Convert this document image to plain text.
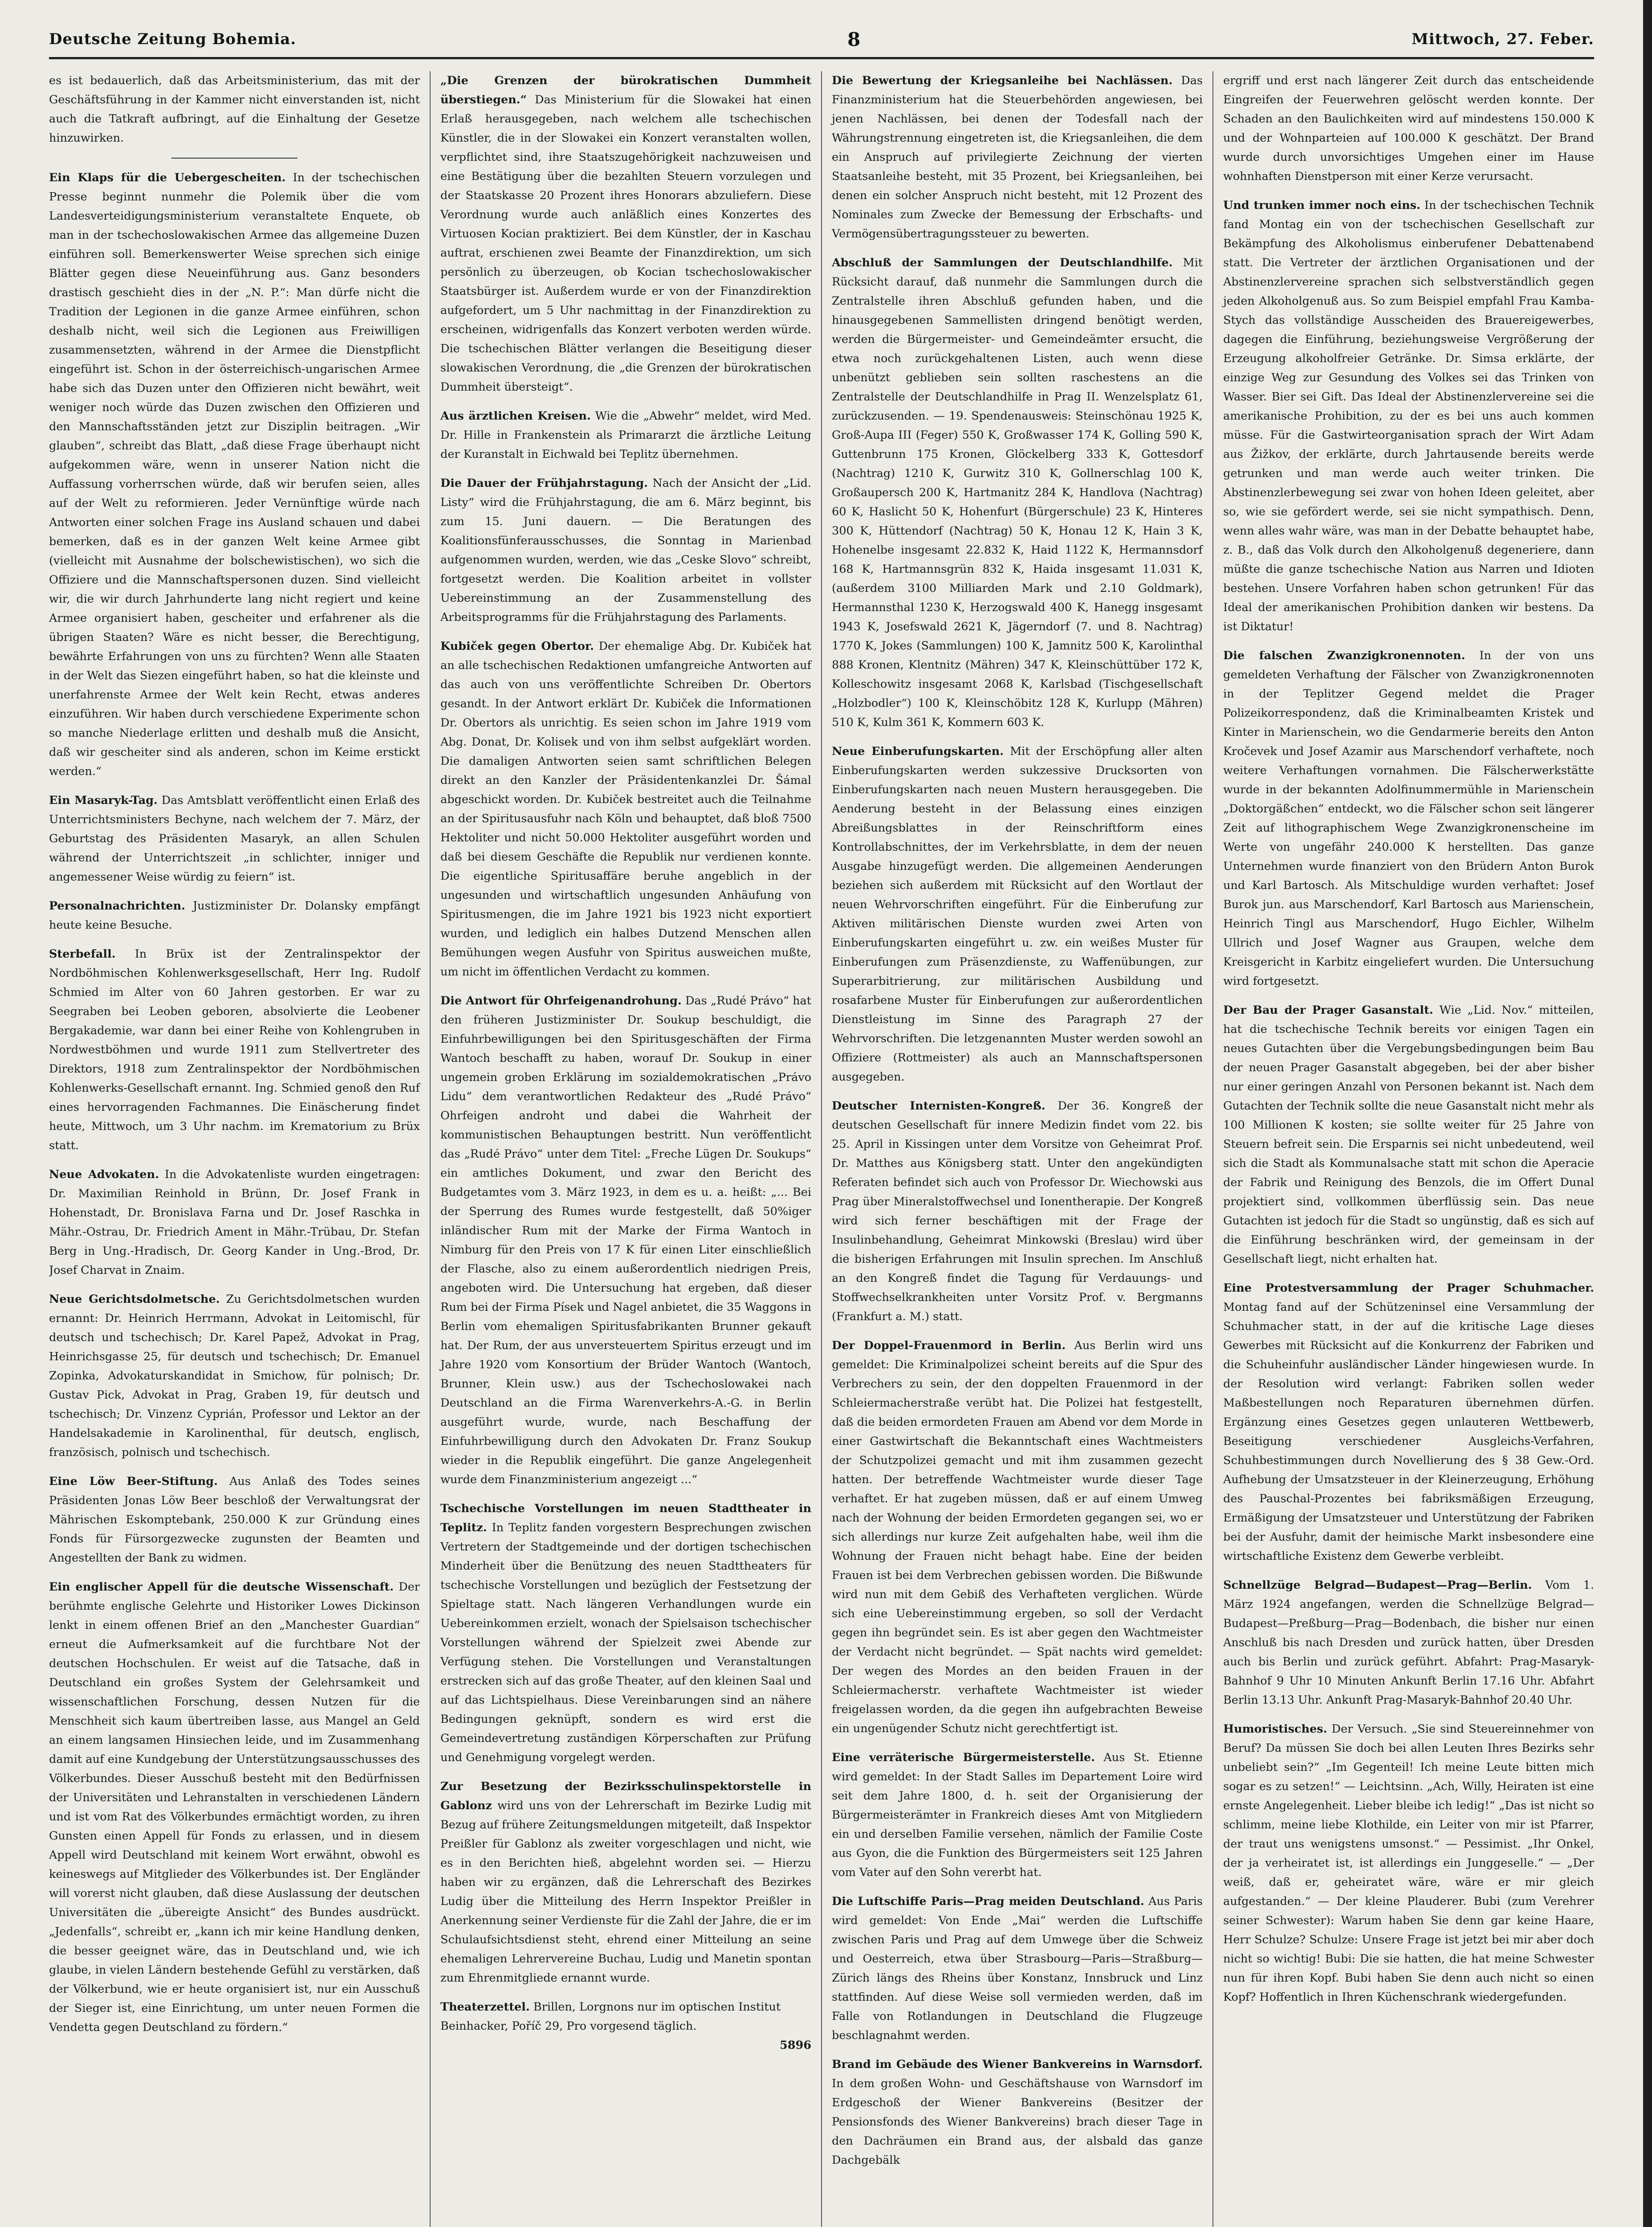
Deutsche Zeitung Bohemia.	8	Mittwoch, 27. Feber.

es ist bedauerlich, daß das Arbeitsministerium, das mit der Geschäftsführung in der Kammer nicht einverstanden ist, nicht auch die Tatkraft aufbringt, auf die Einhaltung der Gesetze hinzuwirken.

Ein Klaps für die Uebergescheiten. In der tschechischen Presse beginnt nunmehr die Polemik über die vom Landesverteidigungsministerium veranstaltete Enquete, ob man in der tschechoslowakischen Armee das allgemeine Duzen einführen soll. Bemerkenswerter Weise sprechen sich einige Blätter gegen diese Neueinführung aus. Ganz besonders drastisch geschieht dies in der „N. P.“: Man dürfe nicht die Tradition der Legionen in die ganze Armee einführen, schon deshalb nicht, weil sich die Legionen aus Freiwilligen zusammensetzten, während in der Armee die Dienstpflicht eingeführt ist. Schon in der österreichisch-ungarischen Armee habe sich das Duzen unter den Offizieren nicht bewährt, weit weniger noch würde das Duzen zwischen den Offizieren und den Mannschaftsständen jetzt zur Disziplin beitragen. „Wir glauben“, schreibt das Blatt, „daß diese Frage überhaupt nicht aufgekommen wäre, wenn in unserer Nation nicht die Auffassung vorherrschen würde, daß wir berufen seien, alles auf der Welt zu reformieren. Jeder Vernünftige würde nach Antworten einer solchen Frage ins Ausland schauen und dabei bemerken, daß es in der ganzen Welt keine Armee gibt (vielleicht mit Ausnahme der bolschewistischen), wo sich die Offiziere und die Mannschaftspersonen duzen. Sind vielleicht wir, die wir durch Jahrhunderte lang nicht regiert und keine Armee organisiert haben, gescheiter und erfahrener als die übrigen Staaten? Wäre es nicht besser, die Berechtigung, bewährte Erfahrungen von uns zu fürchten? Wenn alle Staaten in der Welt das Siezen eingeführt haben, so hat die kleinste und unerfahrenste Armee der Welt kein Recht, etwas anderes einzuführen. Wir haben durch verschiedene Experimente schon so manche Niederlage erlitten und deshalb muß die Ansicht, daß wir gescheiter sind als anderen, schon im Keime erstickt werden.“

Ein Masaryk-Tag. Das Amtsblatt veröffentlicht einen Erlaß des Unterrichtsministers Bechyne, nach welchem der 7. März, der Geburtstag des Präsidenten Masaryk, an allen Schulen während der Unterrichtszeit „in schlichter, inniger und angemessener Weise würdig zu feiern“ ist.

Personalnachrichten. Justizminister Dr. Dolansky empfängt heute keine Besuche.

Sterbefall. In Brüx ist der Zentralinspektor der Nordböhmischen Kohlenwerksgesellschaft, Herr Ing. Rudolf Schmied im Alter von 60 Jahren gestorben. Er war zu Seegraben bei Leoben geboren, absolvierte die Leobener Bergakademie, war dann bei einer Reihe von Kohlengruben in Nordwestböhmen und wurde 1911 zum Stellvertreter des Direktors, 1918 zum Zentralinspektor der Nordböhmischen Kohlenwerks-Gesellschaft ernannt. Ing. Schmied genoß den Ruf eines hervorragenden Fachmannes. Die Einäscherung findet heute, Mittwoch, um 3 Uhr nachm. im Krematorium zu Brüx statt.

Neue Advokaten. In die Advokatenliste wurden eingetragen: Dr. Maximilian Reinhold in Brünn, Dr. Josef Frank in Hohenstadt, Dr. Bronislava Farna und Dr. Josef Raschka in Mähr.-Ostrau, Dr. Friedrich Ament in Mähr.-Trübau, Dr. Stefan Berg in Ung.-Hradisch, Dr. Georg Kander in Ung.-Brod, Dr. Josef Charvat in Znaim.

Neue Gerichtsdolmetsche. Zu Gerichtsdolmetschen wurden ernannt: Dr. Heinrich Herrmann, Advokat in Leitomischl, für deutsch und tschechisch; Dr. Karel Papež, Advokat in Prag, Heinrichsgasse 25, für deutsch und tschechisch; Dr. Emanuel Zopinka, Advokaturskandidat in Smichow, für polnisch; Dr. Gustav Pick, Advokat in Prag, Graben 19, für deutsch und tschechisch; Dr. Vinzenz Cyprián, Professor und Lektor an der Handelsakademie in Karolinenthal, für deutsch, englisch, französisch, polnisch und tschechisch.

Eine Löw Beer-Stiftung. Aus Anlaß des Todes seines Präsidenten Jonas Löw Beer beschloß der Verwaltungsrat der Mährischen Eskomptebank, 250.000 K zur Gründung eines Fonds für Fürsorgezwecke zugunsten der Beamten und Angestellten der Bank zu widmen.

Ein englischer Appell für die deutsche Wissenschaft. Der berühmte englische Gelehrte und Historiker Lowes Dickinson lenkt in einem offenen Brief an den „Manchester Guardian“ erneut die Aufmerksamkeit auf die furchtbare Not der deutschen Hochschulen. Er weist auf die Tatsache, daß in Deutschland ein großes System der Gelehrsamkeit und wissenschaftlichen Forschung, dessen Nutzen für die Menschheit sich kaum übertreiben lasse, aus Mangel an Geld an einem langsamen Hinsiechen leide, und im Zusammenhang damit auf eine Kundgebung der Unterstützungsausschusses des Völkerbundes. Dieser Ausschuß besteht mit den Bedürfnissen der Universitäten und Lehranstalten in verschiedenen Ländern und ist vom Rat des Völkerbundes ermächtigt worden, zu ihren Gunsten einen Appell für Fonds zu erlassen, und in diesem Appell wird Deutschland mit keinem Wort erwähnt, obwohl es keineswegs auf Mitglieder des Völkerbundes ist. Der Engländer will vorerst nicht glauben, daß diese Auslassung der deutschen Universitäten die „übereigte Ansicht“ des Bundes ausdrückt. „Jedenfalls“, schreibt er, „kann ich mir keine Handlung denken, die besser geeignet wäre, das in Deutschland und, wie ich glaube, in vielen Ländern bestehende Gefühl zu verstärken, daß der Völkerbund, wie er heute organisiert ist, nur ein Ausschuß der Sieger ist, eine Einrichtung, um unter neuen Formen die Vendetta gegen Deutschland zu fördern.“

„Die Grenzen der bürokratischen Dummheit überstiegen.“ Das Ministerium für die Slowakei hat einen Erlaß herausgegeben, nach welchem alle tschechischen Künstler, die in der Slowakei ein Konzert veranstalten wollen, verpflichtet sind, ihre Staatszugehörigkeit nachzuweisen und eine Bestätigung über die bezahlten Steuern vorzulegen und der Staatskasse 20 Prozent ihres Honorars abzuliefern. Diese Verordnung wurde auch anläßlich eines Konzertes des Virtuosen Kocian praktiziert. Bei dem Künstler, der in Kaschau auftrat, erschienen zwei Beamte der Finanzdirektion, um sich persönlich zu überzeugen, ob Kocian tschechoslowakischer Staatsbürger ist. Außerdem wurde er von der Finanzdirektion aufgefordert, um 5 Uhr nachmittag in der Finanzdirektion zu erscheinen, widrigenfalls das Konzert verboten werden würde. Die tschechischen Blätter verlangen die Beseitigung dieser slowakischen Verordnung, die „die Grenzen der bürokratischen Dummheit übersteigt“.

Aus ärztlichen Kreisen. Wie die „Abwehr“ meldet, wird Med. Dr. Hille in Frankenstein als Primararzt die ärztliche Leitung der Kuranstalt in Eichwald bei Teplitz übernehmen.

Die Dauer der Frühjahrstagung. Nach der Ansicht der „Lid. Listy“ wird die Frühjahrstagung, die am 6. März beginnt, bis zum 15. Juni dauern. — Die Beratungen des Koalitionsfünferausschusses, die Sonntag in Marienbad aufgenommen wurden, werden, wie das „Ceske Slovo“ schreibt, fortgesetzt werden. Die Koalition arbeitet in vollster Uebereinstimmung an der Zusammenstellung des Arbeitsprogramms für die Frühjahrstagung des Parlaments.

Kubiček gegen Obertor. Der ehemalige Abg. Dr. Kubiček hat an alle tschechischen Redaktionen umfangreiche Antworten auf das auch von uns veröffentlichte Schreiben Dr. Obertors gesandt. In der Antwort erklärt Dr. Kubiček die Informationen Dr. Obertors als unrichtig. Es seien schon im Jahre 1919 vom Abg. Donat, Dr. Kolisek und von ihm selbst aufgeklärt worden. Die damaligen Antworten seien samt schriftlichen Belegen direkt an den Kanzler der Präsidentenkanzlei Dr. Šámal abgeschickt worden. Dr. Kubiček bestreitet auch die Teilnahme an der Spiritusausfuhr nach Köln und behauptet, daß bloß 7500 Hektoliter und nicht 50.000 Hektoliter ausgeführt worden und daß bei diesem Geschäfte die Republik nur verdienen konnte. Die eigentliche Spiritusaffäre beruhe angeblich in der ungesunden und wirtschaftlich ungesunden Anhäufung von Spiritusmengen, die im Jahre 1921 bis 1923 nicht exportiert wurden, und lediglich ein halbes Dutzend Menschen allen Bemühungen wegen Ausfuhr von Spiritus ausweichen mußte, um nicht im öffentlichen Verdacht zu kommen.

Die Antwort für Ohrfeigenandrohung. Das „Rudé Právo“ hat den früheren Justizminister Dr. Soukup beschuldigt, die Einfuhrbewilligungen bei den Spiritusgeschäften der Firma Wantoch beschafft zu haben, worauf Dr. Soukup in einer ungemein groben Erklärung im sozialdemokratischen „Právo Lidu“ dem verantwortlichen Redakteur des „Rudé Právo“ Ohrfeigen androht und dabei die Wahrheit der kommunistischen Behauptungen bestritt. Nun veröffentlicht das „Rudé Právo“ unter dem Titel: „Freche Lügen Dr. Soukups“ ein amtliches Dokument, und zwar den Bericht des Budgetamtes vom 3. März 1923, in dem es u. a. heißt: „... Bei der Sperrung des Rumes wurde festgestellt, daß 50%iger inländischer Rum mit der Marke der Firma Wantoch in Nimburg für den Preis von 17 K für einen Liter einschließlich der Flasche, also zu einem außerordentlich niedrigen Preis, angeboten wird. Die Untersuchung hat ergeben, daß dieser Rum bei der Firma Písek und Nagel anbietet, die 35 Waggons in Berlin vom ehemaligen Spiritusfabrikanten Brunner gekauft hat. Der Rum, der aus unversteuertem Spiritus erzeugt und im Jahre 1920 vom Konsortium der Brüder Wantoch (Wantoch, Brunner, Klein usw.) aus der Tschechoslowakei nach Deutschland an die Firma Warenverkehrs-A.-G. in Berlin ausgeführt wurde, wurde, nach Beschaffung der Einfuhrbewilligung durch den Advokaten Dr. Franz Soukup wieder in die Republik eingeführt. Die ganze Angelegenheit wurde dem Finanzministerium angezeigt ...“

Tschechische Vorstellungen im neuen Stadttheater in Teplitz. In Teplitz fanden vorgestern Besprechungen zwischen Vertretern der Stadtgemeinde und der dortigen tschechischen Minderheit über die Benützung des neuen Stadttheaters für tschechische Vorstellungen und bezüglich der Festsetzung der Spieltage statt. Nach längeren Verhandlungen wurde ein Uebereinkommen erzielt, wonach der Spielsaison tschechischer Vorstellungen während der Spielzeit zwei Abende zur Verfügung stehen. Die Vorstellungen und Veranstaltungen erstrecken sich auf das große Theater, auf den kleinen Saal und auf das Lichtspielhaus. Diese Vereinbarungen sind an nähere Bedingungen geknüpft, sondern es wird erst die Gemeindevertretung zuständigen Körperschaften zur Prüfung und Genehmigung vorgelegt werden.

Zur Besetzung der Bezirksschulinspektorstelle in Gablonz wird uns von der Lehrerschaft im Bezirke Ludig mit Bezug auf frühere Zeitungsmeldungen mitgeteilt, daß Inspektor Preißler für Gablonz als zweiter vorgeschlagen und nicht, wie es in den Berichten hieß, abgelehnt worden sei. — Hierzu haben wir zu ergänzen, daß die Lehrerschaft des Bezirkes Ludig über die Mitteilung des Herrn Inspektor Preißler in Anerkennung seiner Verdienste für die Zahl der Jahre, die er im Schulaufsichtsdienst steht, ehrend einer Mitteilung an seine ehemaligen Lehrervereine Buchau, Ludig und Manetin spontan zum Ehrenmitgliede ernannt wurde.

Theaterzettel. Brillen, Lorgnons nur im optischen Institut Beinhacker, Poříč 29, Pro vorgesend täglich.
5896

Die Bewertung der Kriegsanleihe bei Nachlässen. Das Finanzministerium hat die Steuerbehörden angewiesen, bei jenen Nachlässen, bei denen der Todesfall nach der Währungstrennung eingetreten ist, die Kriegsanleihen, die dem ein Anspruch auf privilegierte Zeichnung der vierten Staatsanleihe besteht, mit 35 Prozent, bei Kriegsanleihen, bei denen ein solcher Anspruch nicht besteht, mit 12 Prozent des Nominales zum Zwecke der Bemessung der Erbschafts- und Vermögensübertragungssteuer zu bewerten.

Abschluß der Sammlungen der Deutschlandhilfe. Mit Rücksicht darauf, daß nunmehr die Sammlungen durch die Zentralstelle ihren Abschluß gefunden haben, und die hinausgegebenen Sammellisten dringend benötigt werden, werden die Bürgermeister- und Gemeindeämter ersucht, die etwa noch zurückgehaltenen Listen, auch wenn diese unbenützt geblieben sein sollten raschestens an die Zentralstelle der Deutschlandhilfe in Prag II. Wenzelsplatz 61, zurückzusenden. — 19. Spendenausweis: Steinschönau 1925 K, Groß-Aupa III (Feger) 550 K, Großwasser 174 K, Golling 590 K, Guttenbrunn 175 Kronen, Glöckelberg 333 K, Gottesdorf (Nachtrag) 1210 K, Gurwitz 310 K, Gollnerschlag 100 K, Großaupersch 200 K, Hartmanitz 284 K, Handlova (Nachtrag) 60 K, Haslicht 50 K, Hohenfurt (Bürgerschule) 23 K, Hinteres 300 K, Hüttendorf (Nachtrag) 50 K, Honau 12 K, Hain 3 K, Hohenelbe insgesamt 22.832 K, Haid 1122 K, Hermannsdorf 168 K, Hartmannsgrün 832 K, Haida insgesamt 11.031 K, (außerdem 3100 Milliarden Mark und 2.10 Goldmark), Hermannsthal 1230 K, Herzogswald 400 K, Hanegg insgesamt 1943 K, Josefswald 2621 K, Jägerndorf (7. und 8. Nachtrag) 1770 K, Jokes (Sammlungen) 100 K, Jamnitz 500 K, Karolinthal 888 Kronen, Klentnitz (Mähren) 347 K, Kleinschüttüber 172 K, Kolleschowitz insgesamt 2068 K, Karlsbad (Tischgesellschaft „Holzbodler“) 100 K, Kleinschöbitz 128 K, Kurlupp (Mähren) 510 K, Kulm 361 K, Kommern 603 K.

Neue Einberufungskarten. Mit der Erschöpfung aller alten Einberufungskarten werden sukzessive Drucksorten von Einberufungskarten nach neuen Mustern herausgegeben. Die Aenderung besteht in der Belassung eines einzigen Abreißungsblattes in der Reinschriftform eines Kontrollabschnittes, der im Verkehrsblatte, in dem der neuen Ausgabe hinzugefügt werden. Die allgemeinen Aenderungen beziehen sich außerdem mit Rücksicht auf den Wortlaut der neuen Wehrvorschriften eingeführt. Für die Einberufung zur Aktiven militärischen Dienste wurden zwei Arten von Einberufungskarten eingeführt u. zw. ein weißes Muster für Einberufungen zum Präsenzdienste, zu Waffenübungen, zur Superarbitrierung, zur militärischen Ausbildung und rosafarbene Muster für Einberufungen zur außerordentlichen Dienstleistung im Sinne des Paragraph 27 der Wehrvorschriften. Die letzgenannten Muster werden sowohl an Offiziere (Rottmeister) als auch an Mannschaftspersonen ausgegeben.

Deutscher Internisten-Kongreß. Der 36. Kongreß der deutschen Gesellschaft für innere Medizin findet vom 22. bis 25. April in Kissingen unter dem Vorsitze von Geheimrat Prof. Dr. Matthes aus Königsberg statt. Unter den angekündigten Referaten befindet sich auch von Professor Dr. Wiechowski aus Prag über Mineralstoffwechsel und Ionentherapie. Der Kongreß wird sich ferner beschäftigen mit der Frage der Insulinbehandlung, Geheimrat Minkowski (Breslau) wird über die bisherigen Erfahrungen mit Insulin sprechen. Im Anschluß an den Kongreß findet die Tagung für Verdauungs- und Stoffwechselkrankheiten unter Vorsitz Prof. v. Bergmanns (Frankfurt a. M.) statt.

Der Doppel-Frauenmord in Berlin. Aus Berlin wird uns gemeldet: Die Kriminalpolizei scheint bereits auf die Spur des Verbrechers zu sein, der den doppelten Frauenmord in der Schleiermacherstraße verübt hat. Die Polizei hat festgestellt, daß die beiden ermordeten Frauen am Abend vor dem Morde in einer Gastwirtschaft die Bekanntschaft eines Wachtmeisters der Schutzpolizei gemacht und mit ihm zusammen gezecht hatten. Der betreffende Wachtmeister wurde dieser Tage verhaftet. Er hat zugeben müssen, daß er auf einem Umweg nach der Wohnung der beiden Ermordeten gegangen sei, wo er sich allerdings nur kurze Zeit aufgehalten habe, weil ihm die Wohnung der Frauen nicht behagt habe. Eine der beiden Frauen ist bei dem Verbrechen gebissen worden. Die Bißwunde wird nun mit dem Gebiß des Verhafteten verglichen. Würde sich eine Uebereinstimmung ergeben, so soll der Verdacht gegen ihn begründet sein. Es ist aber gegen den Wachtmeister der Verdacht nicht begründet. — Spät nachts wird gemeldet: Der wegen des Mordes an den beiden Frauen in der Schleiermacherstr. verhaftete Wachtmeister ist wieder freigelassen worden, da die gegen ihn aufgebrachten Beweise ein ungenügender Schutz nicht gerechtfertigt ist.

Eine verräterische Bürgermeisterstelle. Aus St. Etienne wird gemeldet: In der Stadt Salles im Departement Loire wird seit dem Jahre 1800, d. h. seit der Organisierung der Bürgermeisterämter in Frankreich dieses Amt von Mitgliedern ein und derselben Familie versehen, nämlich der Familie Coste aus Gyon, die die Funktion des Bürgermeisters seit 125 Jahren vom Vater auf den Sohn vererbt hat.

Die Luftschiffe Paris—Prag meiden Deutschland. Aus Paris wird gemeldet: Von Ende „Mai“ werden die Luftschiffe zwischen Paris und Prag auf dem Umwege über die Schweiz und Oesterreich, etwa über Strasbourg—Paris—Straßburg—Zürich längs des Rheins über Konstanz, Innsbruck und Linz stattfinden. Auf diese Weise soll vermieden werden, daß im Falle von Rotlandungen in Deutschland die Flugzeuge beschlagnahmt werden.

Brand im Gebäude des Wiener Bankvereins in Warnsdorf. In dem großen Wohn- und Geschäftshause von Warnsdorf im Erdgeschoß der Wiener Bankvereins (Besitzer der Pensionsfonds des Wiener Bankvereins) brach dieser Tage in den Dachräumen ein Brand aus, der alsbald das ganze Dachgebälk

ergriff und erst nach längerer Zeit durch das entscheidende Eingreifen der Feuerwehren gelöscht werden konnte. Der Schaden an den Baulichkeiten wird auf mindestens 150.000 K und der Wohnparteien auf 100.000 K geschätzt. Der Brand wurde durch unvorsichtiges Umgehen einer im Hause wohnhaften Dienstperson mit einer Kerze verursacht.

Und trunken immer noch eins. In der tschechischen Technik fand Montag ein von der tschechischen Gesellschaft zur Bekämpfung des Alkoholismus einberufener Debattenabend statt. Die Vertreter der ärztlichen Organisationen und der Abstinenzlervereine sprachen sich selbstverständlich gegen jeden Alkoholgenuß aus. So zum Beispiel empfahl Frau Kamba-Stych das vollständige Ausscheiden des Brauereigewerbes, dagegen die Einführung, beziehungsweise Vergrößerung der Erzeugung alkoholfreier Getränke. Dr. Simsa erklärte, der einzige Weg zur Gesundung des Volkes sei das Trinken von Wasser. Bier sei Gift. Das Ideal der Abstinenzlervereine sei die amerikanische Prohibition, zu der es bei uns auch kommen müsse. Für die Gastwirteorganisation sprach der Wirt Adam aus Žižkov, der erklärte, durch Jahrtausende bereits werde getrunken und man werde auch weiter trinken. Die Abstinenzlerbewegung sei zwar von hohen Ideen geleitet, aber so, wie sie gefördert werde, sei sie nicht sympathisch. Denn, wenn alles wahr wäre, was man in der Debatte behauptet habe, z. B., daß das Volk durch den Alkoholgenuß degeneriere, dann müßte die ganze tschechische Nation aus Narren und Idioten bestehen. Unsere Vorfahren haben schon getrunken! Für das Ideal der amerikanischen Prohibition danken wir bestens. Da ist Diktatur!

Die falschen Zwanzigkronennoten. In der von uns gemeldeten Verhaftung der Fälscher von Zwanzigkronennoten in der Teplitzer Gegend meldet die Prager Polizeikorrespondenz, daß die Kriminalbeamten Kristek und Kinter in Marienschein, wo die Gendarmerie bereits den Anton Kročevek und Josef Azamir aus Marschendorf verhaftete, noch weitere Verhaftungen vornahmen. Die Fälscherwerkstätte wurde in der bekannten Adolfinummermühle in Marienschein „Doktorgäßchen“ entdeckt, wo die Fälscher schon seit längerer Zeit auf lithographischem Wege Zwanzigkronenscheine im Werte von ungefähr 240.000 K herstellten. Das ganze Unternehmen wurde finanziert von den Brüdern Anton Burok und Karl Bartosch. Als Mitschuldige wurden verhaftet: Josef Burok jun. aus Marschendorf, Karl Bartosch aus Marienschein, Heinrich Tingl aus Marschendorf, Hugo Eichler, Wilhelm Ullrich und Josef Wagner aus Graupen, welche dem Kreisgericht in Karbitz eingeliefert wurden. Die Untersuchung wird fortgesetzt.

Der Bau der Prager Gasanstalt. Wie „Lid. Nov.“ mitteilen, hat die tschechische Technik bereits vor einigen Tagen ein neues Gutachten über die Vergebungsbedingungen beim Bau der neuen Prager Gasanstalt abgegeben, bei der aber bisher nur einer geringen Anzahl von Personen bekannt ist. Nach dem Gutachten der Technik sollte die neue Gasanstalt nicht mehr als 100 Millionen K kosten; sie sollte weiter für 25 Jahre von Steuern befreit sein. Die Ersparnis sei nicht unbedeutend, weil sich die Stadt als Kommunalsache statt mit schon die Aperacie der Fabrik und Reinigung des Benzols, die im Offert Dunal projektiert sind, vollkommen überflüssig sein. Das neue Gutachten ist jedoch für die Stadt so ungünstig, daß es sich auf die Einführung beschränken wird, der gemeinsam in der Gesellschaft liegt, nicht erhalten hat.

Eine Protestversammlung der Prager Schuhmacher. Montag fand auf der Schützeninsel eine Versammlung der Schuhmacher statt, in der auf die kritische Lage dieses Gewerbes mit Rücksicht auf die Konkurrenz der Fabriken und die Schuheinfuhr ausländischer Länder hingewiesen wurde. In der Resolution wird verlangt: Fabriken sollen weder Maßbestellungen noch Reparaturen übernehmen dürfen. Ergänzung eines Gesetzes gegen unlauteren Wettbewerb, Beseitigung verschiedener Ausgleichs-Verfahren, Schuhbestimmungen durch Novellierung des § 38 Gew.-Ord. Aufhebung der Umsatzsteuer in der Kleinerzeugung, Erhöhung des Pauschal-Prozentes bei fabriksmäßigen Erzeugung, Ermäßigung der Umsatzsteuer und Unterstützung der Fabriken bei der Ausfuhr, damit der heimische Markt insbesondere eine wirtschaftliche Existenz dem Gewerbe verbleibt.

Schnellzüge Belgrad—Budapest—Prag—Berlin. Vom 1. März 1924 angefangen, werden die Schnellzüge Belgrad—Budapest—Preßburg—Prag—Bodenbach, die bisher nur einen Anschluß bis nach Dresden und zurück hatten, über Dresden auch bis Berlin und zurück geführt. Abfahrt: Prag-Masaryk-Bahnhof 9 Uhr 10 Minuten Ankunft Berlin 17.16 Uhr. Abfahrt Berlin 13.13 Uhr. Ankunft Prag-Masaryk-Bahnhof 20.40 Uhr.

Humoristisches. Der Versuch. „Sie sind Steuereinnehmer von Beruf? Da müssen Sie doch bei allen Leuten Ihres Bezirks sehr unbeliebt sein?“ „Im Gegenteil! Ich meine Leute bitten mich sogar es zu setzen!“ — Leichtsinn. „Ach, Willy, Heiraten ist eine ernste Angelegenheit. Lieber bleibe ich ledig!“ „Das ist nicht so schlimm, meine liebe Klothilde, ein Leiter von mir ist Pfarrer, der traut uns wenigstens umsonst.“ — Pessimist. „Ihr Onkel, der ja verheiratet ist, ist allerdings ein Junggeselle.“ — „Der weiß, daß er, geheiratet wäre, wäre er mir gleich aufgestanden.“ — Der kleine Plauderer. Bubi (zum Verehrer seiner Schwester): Warum haben Sie denn gar keine Haare, Herr Schulze? Schulze: Unsere Frage ist jetzt bei mir aber doch nicht so wichtig! Bubi: Die sie hatten, die hat meine Schwester nun für ihren Kopf. Bubi haben Sie denn auch nicht so einen Kopf? Hoffentlich in Ihren Küchenschrank wiedergefunden.
